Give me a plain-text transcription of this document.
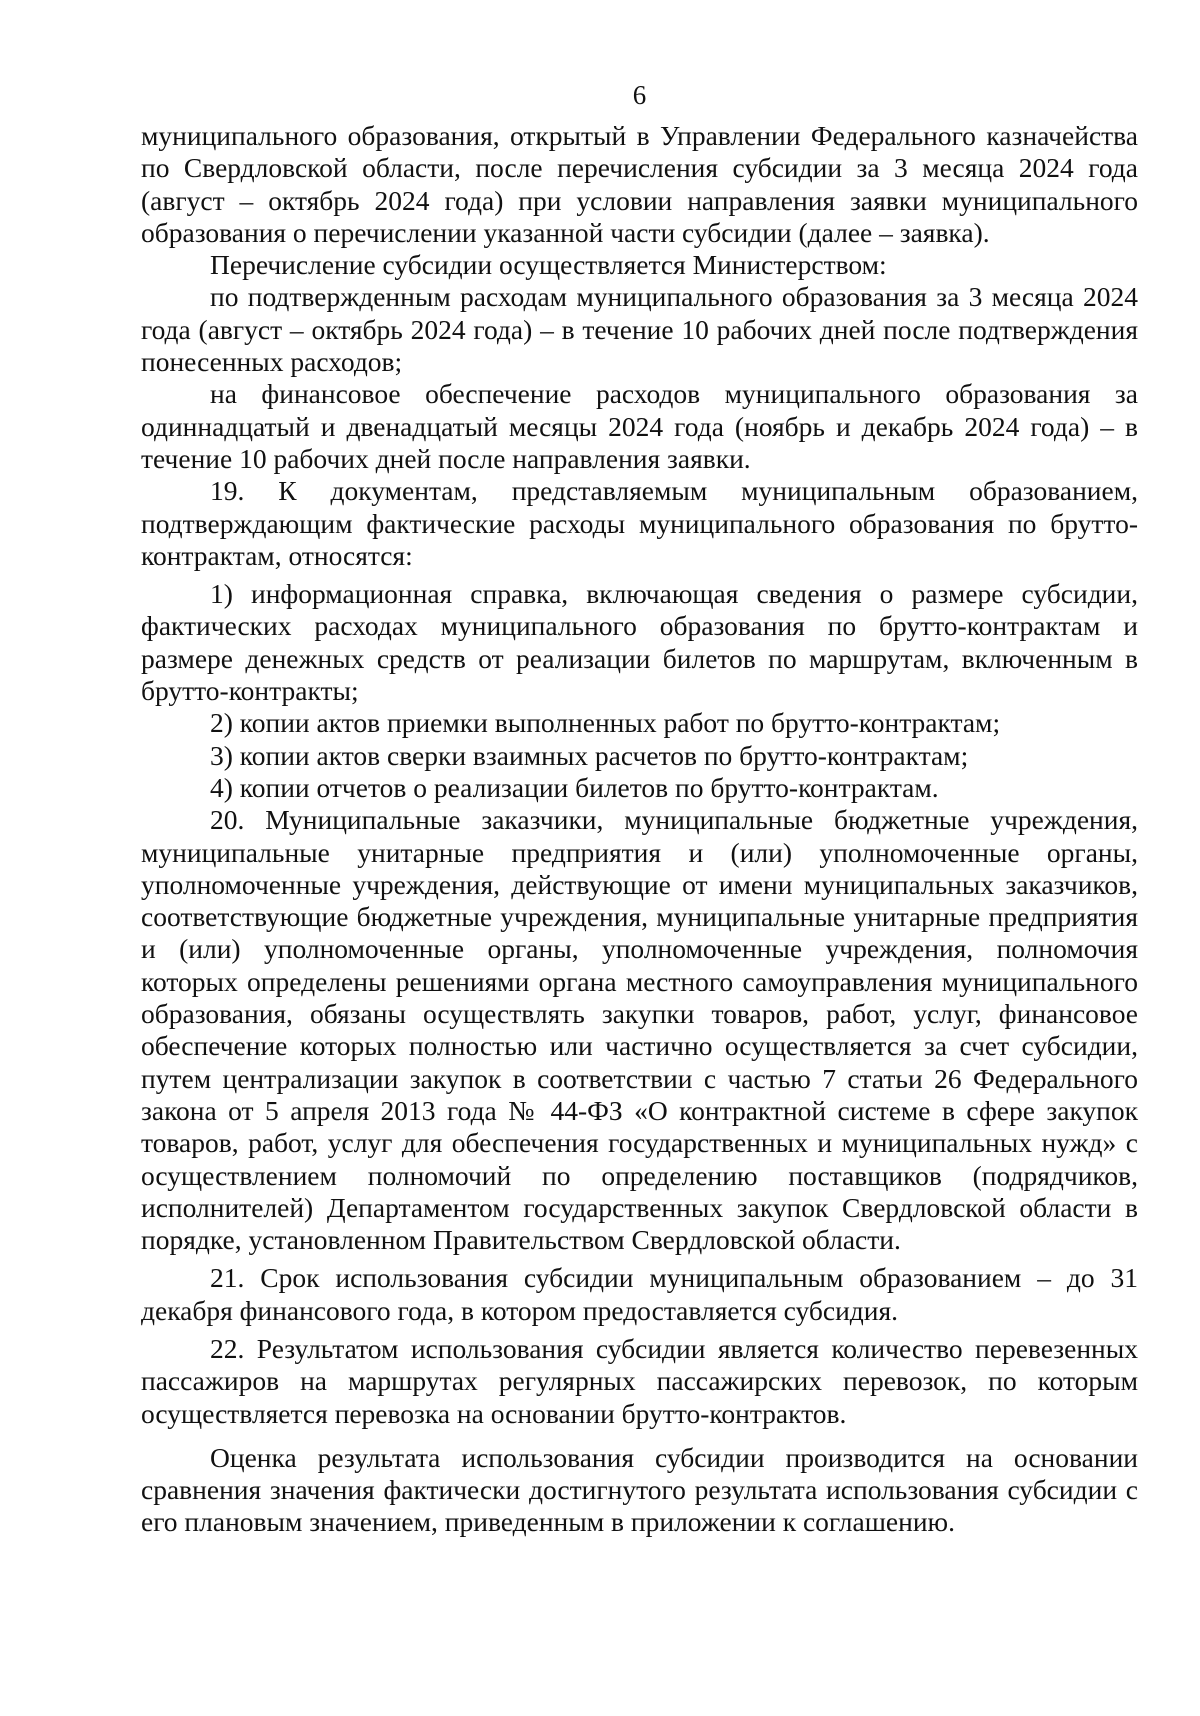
6

муниципального образования, открытый в Управлении Федерального казначейства по Свердловской области, после перечисления субсидии за 3 месяца 2024 года (август – октябрь 2024 года) при условии направления заявки муниципального образования о перечислении указанной части субсидии (далее – заявка).

Перечисление субсидии осуществляется Министерством:

по подтвержденным расходам муниципального образования за 3 месяца 2024 года (август – октябрь 2024 года) – в течение 10 рабочих дней после подтверждения понесенных расходов;

на финансовое обеспечение расходов муниципального образования за одиннадцатый и двенадцатый месяцы 2024 года (ноябрь и декабрь 2024 года) – в течение 10 рабочих дней после направления заявки.

19. К документам, представляемым муниципальным образованием, подтверждающим фактические расходы муниципального образования по брутто-контрактам, относятся:

1) информационная справка, включающая сведения о размере субсидии, фактических расходах муниципального образования по брутто-контрактам и размере денежных средств от реализации билетов по маршрутам, включенным в брутто-контракты;

2) копии актов приемки выполненных работ по брутто-контрактам;

3) копии актов сверки взаимных расчетов по брутто-контрактам;

4) копии отчетов о реализации билетов по брутто-контрактам.

20. Муниципальные заказчики, муниципальные бюджетные учреждения, муниципальные унитарные предприятия и (или) уполномоченные органы, уполномоченные учреждения, действующие от имени муниципальных заказчиков, соответствующие бюджетные учреждения, муниципальные унитарные предприятия и (или) уполномоченные органы, уполномоченные учреждения, полномочия которых определены решениями органа местного самоуправления муниципального образования, обязаны осуществлять закупки товаров, работ, услуг, финансовое обеспечение которых полностью или частично осуществляется за счет субсидии, путем централизации закупок в соответствии с частью 7 статьи 26 Федерального закона от 5 апреля 2013 года № 44-ФЗ «О контрактной системе в сфере закупок товаров, работ, услуг для обеспечения государственных и муниципальных нужд» с осуществлением полномочий по определению поставщиков (подрядчиков, исполнителей) Департаментом государственных закупок Свердловской области в порядке, установленном Правительством Свердловской области.

21. Срок использования субсидии муниципальным образованием – до 31 декабря финансового года, в котором предоставляется субсидия.

22. Результатом использования субсидии является количество перевезенных пассажиров на маршрутах регулярных пассажирских перевозок, по которым осуществляется перевозка на основании брутто-контрактов.

Оценка результата использования субсидии производится на основании сравнения значения фактически достигнутого результата использования субсидии с его плановым значением, приведенным в приложении к соглашению.
